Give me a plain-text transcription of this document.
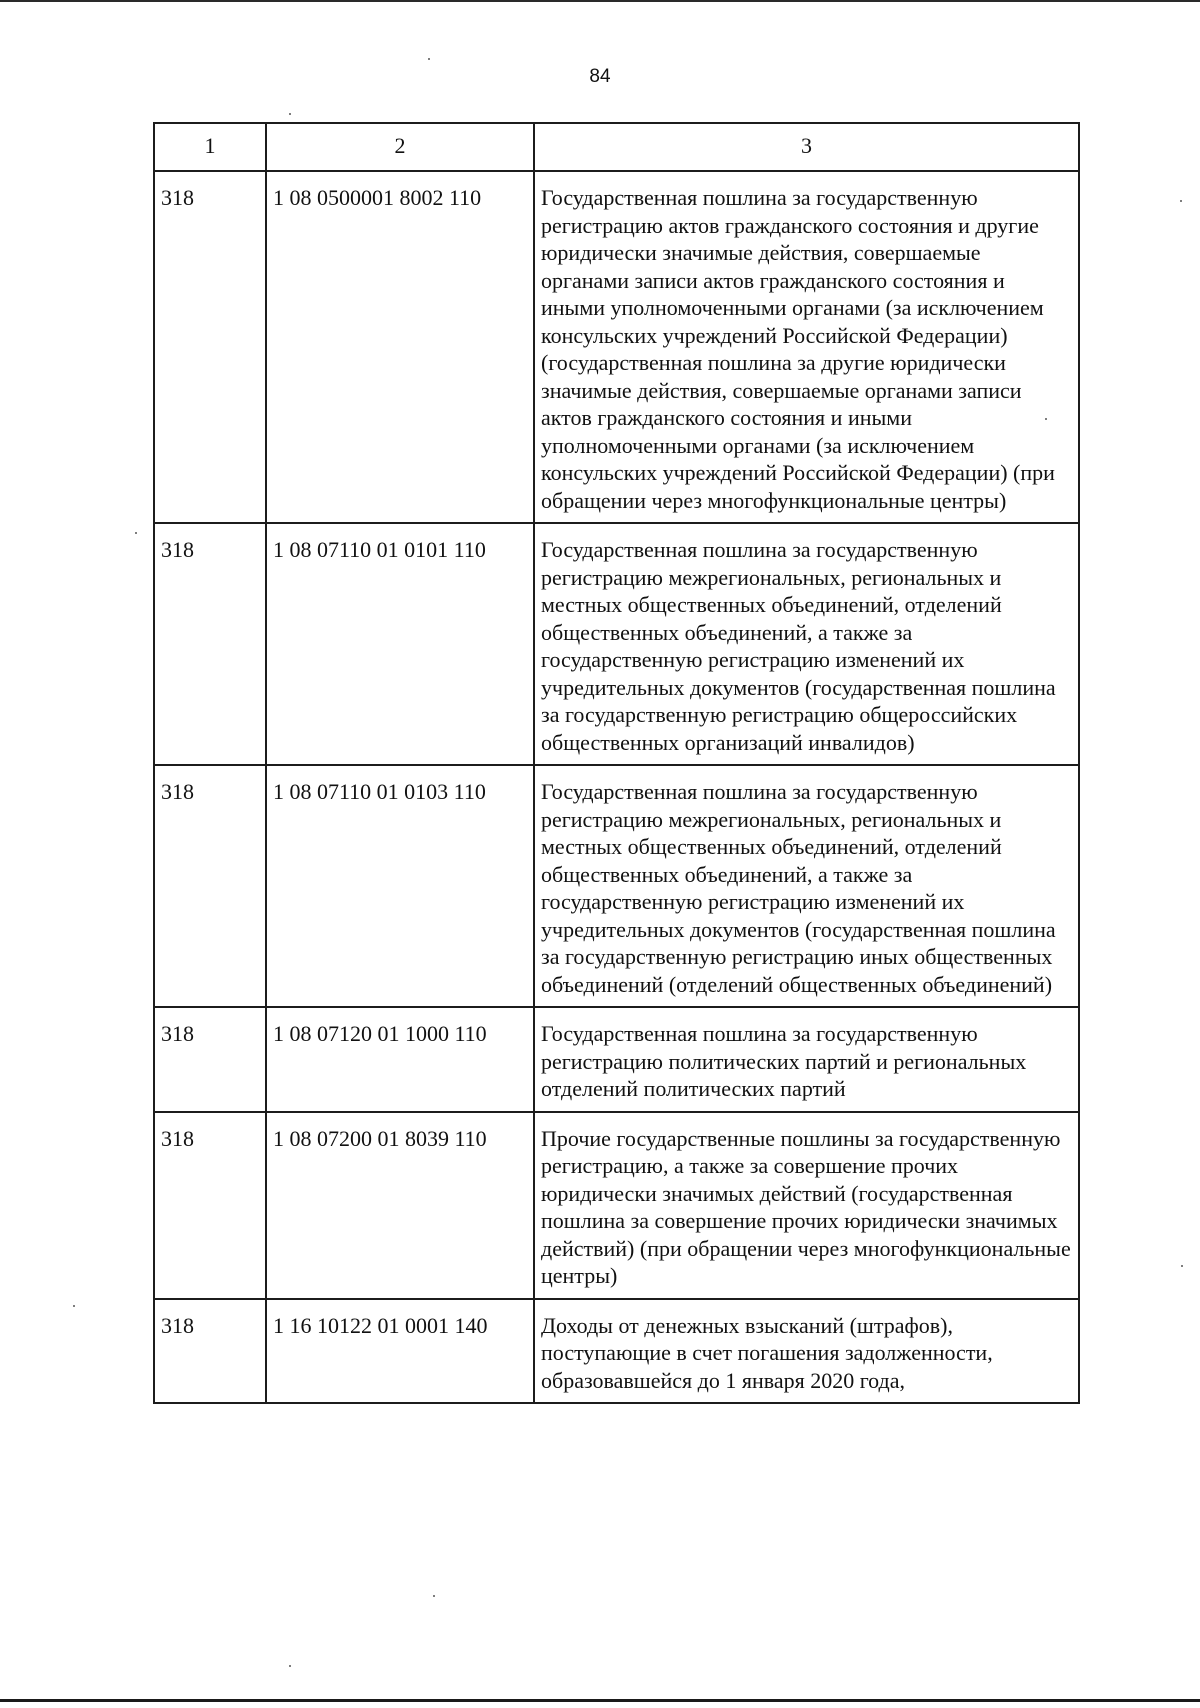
84
1	2	3
318	1 08 0500001 8002 110	Государственная пошлина за государственную регистрацию актов гражданского состояния и другие юридически значимые действия, совершаемые органами записи актов гражданского состояния и иными уполномоченными органами (за исключением консульских учреждений Российской Федерации) (государственная пошлина за другие юридически значимые действия, совершаемые органами записи актов гражданского состояния и иными уполномоченными органами (за исключением консульских учреждений Российской Федерации) (при обращении через многофункциональные центры)
318	1 08 07110 01 0101 110	Государственная пошлина за государственную регистрацию межрегиональных, региональных и местных общественных объединений, отделений общественных объединений, а также за государственную регистрацию изменений их учредительных документов (государственная пошлина за государственную регистрацию общероссийских общественных организаций инвалидов)
318	1 08 07110 01 0103 110	Государственная пошлина за государственную регистрацию межрегиональных, региональных и местных общественных объединений, отделений общественных объединений, а также за государственную регистрацию изменений их учредительных документов (государственная пошлина за государственную регистрацию иных общественных объединений (отделений общественных объединений)
318	1 08 07120 01 1000 110	Государственная пошлина за государственную регистрацию политических партий и региональных отделений политических партий
318	1 08 07200 01 8039 110	Прочие государственные пошлины за государственную регистрацию, а также за совершение прочих юридически значимых действий (государственная пошлина за совершение прочих юридически значимых действий) (при обращении через многофункциональные центры)
318	1 16 10122 01 0001 140	Доходы от денежных взысканий (штрафов), поступающие в счет погашения задолженности, образовавшейся до 1 января 2020 года,
